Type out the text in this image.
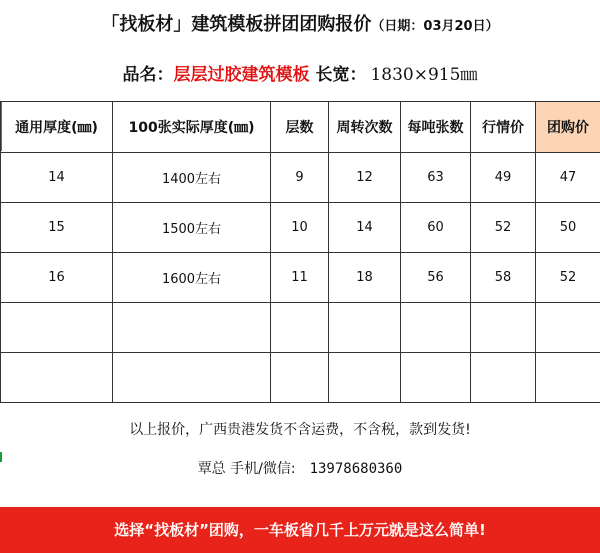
「找板材」建筑模板拼团团购报价（日期：03月20日）
品名：层层过胶建筑模板 长宽： 1830×915㎜
通用厚度(㎜)	100张实际厚度(㎜)	层数	周转次数	每吨张数	行情价	团购价
14	1400左右	9	12	63	49	47
15	1500左右	10	14	60	52	50
16	1600左右	11	18	56	58	52

以上报价，广西贵港发货不含运费，不含税，款到发货!
覃总 手机/微信: 13978680360
选择“找板材”团购，一车板省几千上万元就是这么简单!
